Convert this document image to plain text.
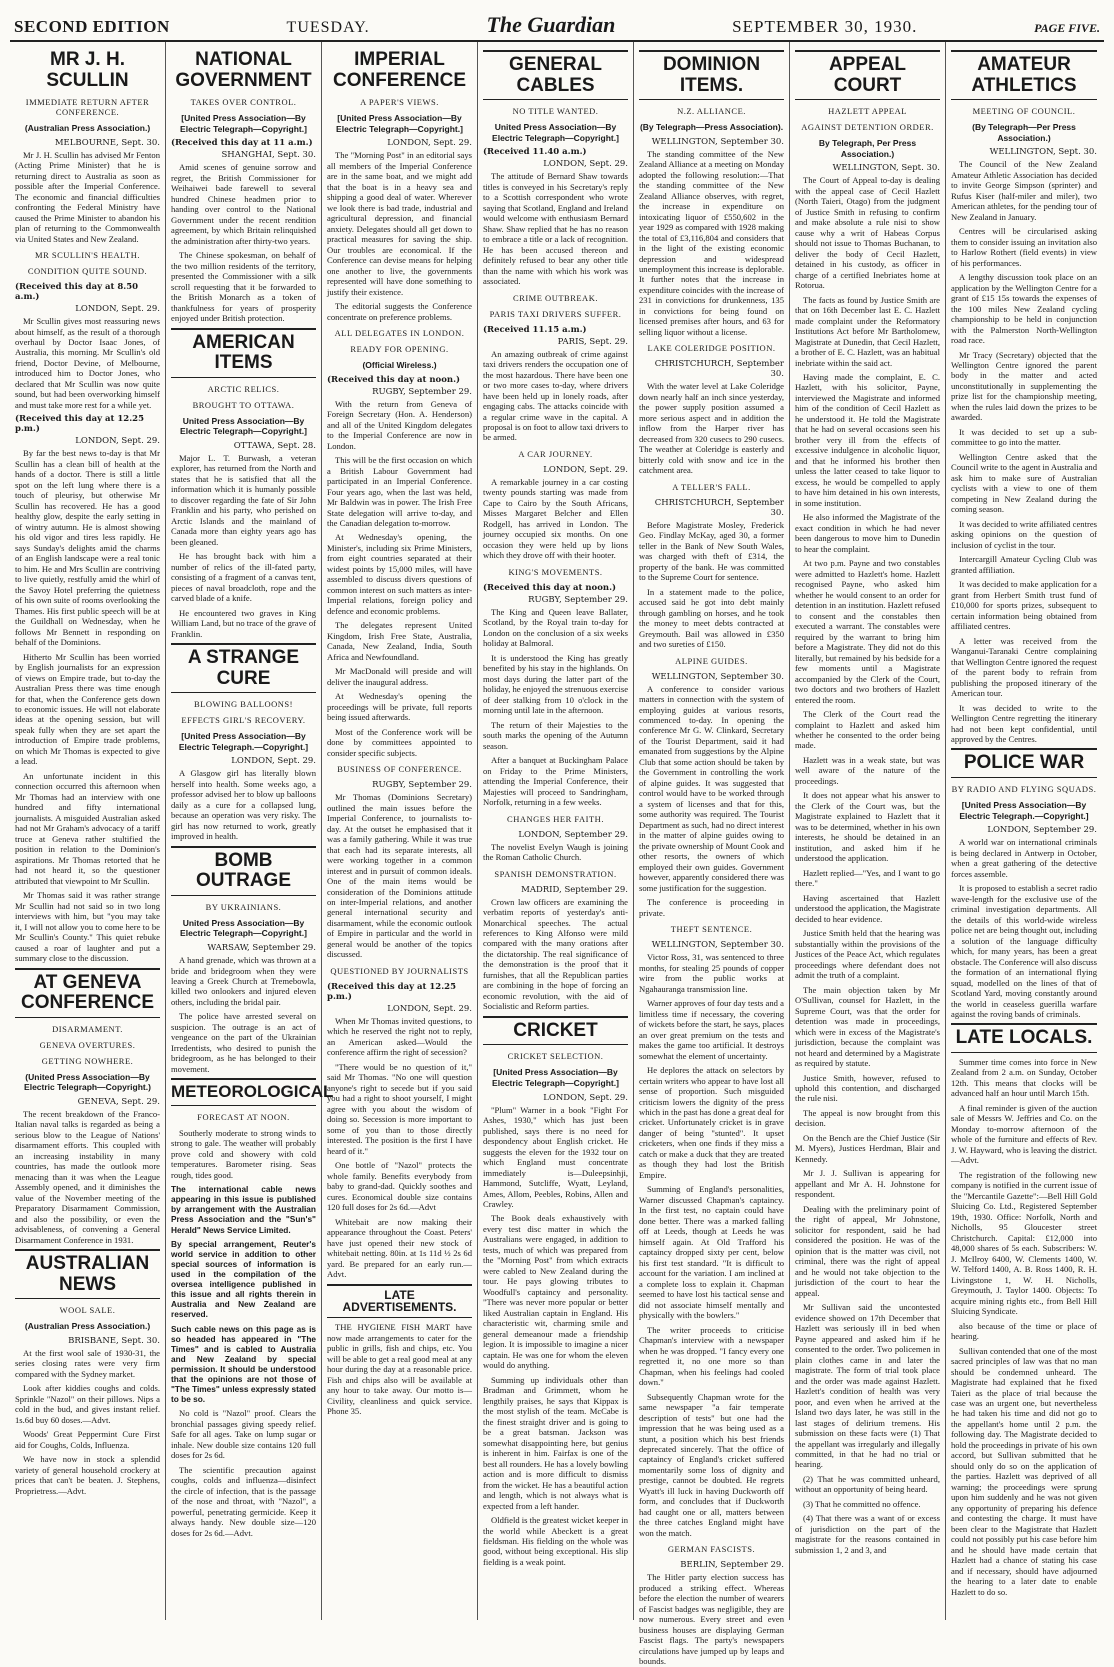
SECOND EDITION	TUESDAY.	The Guardian	SEPTEMBER 30, 1930.	PAGE FIVE.
MR J. H. SCULLIN
IMMEDIATE RETURN AFTER CONFERENCE.
(Australian Press Association.)
MELBOURNE, Sept. 30.

Mr J. H. Scullin has advised Mr Fenton (Acting Prime Minister) that he is returning direct to Australia as soon as possible after the Imperial Conference. The economic and financial difficulties confronting the Federal Ministry have caused the Prime Minister to abandon his plan of returning to the Commonwealth via United States and New Zealand.

MR SCULLIN'S HEALTH.
CONDITION QUITE SOUND.
(Received this day at 8.50 a.m.)
LONDON, Sept. 29.

Mr Scullin gives most reassuring news about himself, as the result of a thorough overhaul by Doctor Isaac Jones, of Australia, this morning. Mr Scullin's old friend, Doctor Devine, of Melbourne, introduced him to Doctor Jones, who declared that Mr Scullin was now quite sound, but had been overworking himself and must take more rest for a while yet.

(Received this day at 12.25 p.m.)
LONDON, Sept. 29.

By far the best news to-day is that Mr Scullin has a clean bill of health at the hands of a doctor. There is still a little spot on the left lung where there is a touch of pleurisy, but otherwise Mr Scullin has recovered. He has a good healthy glow, despite the early setting in of wintry autumn. He is almost showing his old vigor and tires less rapidly. He says Sunday's delights amid the charms of an English landscape were a real tonic to him. He and Mrs Scullin are contriving to live quietly, restfully amid the whirl of the Savoy Hotel preferring the quietness of his own suite of rooms overlooking the Thames. His first public speech will be at the Guildhall on Wednesday, when he follows Mr Bennett in responding on behalf of the Dominions.

Hitherto Mr Scullin has been worried by English journalists for an expression of views on Empire trade, but to-day the Australian Press there was time enough for that, when the Conference gets down to economic issues. He will not elaborate ideas at the opening session, but will speak fully when they are set apart the introduction of Empire trade problems, on which Mr Thomas is expected to give a lead.

An unfortunate incident in this connection occurred this afternoon when Mr Thomas had an interview with one hundred and fifty international journalists. A misguided Australian asked had not Mr Graham's advocacy of a tariff truce at Geneva rather stultified the position in relation to the Dominion's aspirations. Mr Thomas retorted that he had not heard it, so the questioner attributed that viewpoint to Mr Scullin.

Mr Thomas said it was rather strange Mr Scullin had not said so in two long interviews with him, but "you may take it, I will not allow you to come here to be Mr Scullin's County." This quiet rebuke caused a roar of laughter and put a summary close to the discussion.

AT GENEVA CONFERENCE
DISARMAMENT.
GENEVA OVERTURES.
GETTING NOWHERE.
(United Press Association—By Electric Telegraph—Copyright.)
GENEVA, Sept. 29.

The recent breakdown of the Franco-Italian naval talks is regarded as being a serious blow to the League of Nations' disarmament efforts. This coupled with an increasing instability in many countries, has made the outlook more menacing than it was when the League Assembly opened, and it diminishes the value of the November meeting of the Preparatory Disarmament Commission, and also the possibility, or even the advisableness, of convening a General Disarmament Conference in 1931.

AUSTRALIAN NEWS
WOOL SALE.
(Australian Press Association.)
BRISBANE, Sept. 30.

At the first wool sale of 1930-31, the series closing rates were very firm compared with the Sydney market.

Look after kiddies coughs and colds. Sprinkle "Nazol" on their pillows. Nips a cold in the bud, and gives instant relief. 1s.6d buy 60 doses.—Advt.

Woods' Great Peppermint Cure First aid for Coughs, Colds, Influenza.

We have now in stock a splendid variety of general household crockery at prices that can't be beaten. J. Stephens, Proprietress.—Advt.

NATIONAL GOVERNMENT
TAKES OVER CONTROL.
[United Press Association—By Electric Telegraph—Copyright.]
(Received this day at 11 a.m.)
SHANGHAI, Sept. 30.

Amid scenes of genuine sorrow and regret, the British Commissioner for Weihaiwei bade farewell to several hundred Chinese headmen prior to handing over control to the National Government under the recent rendition agreement, by which Britain relinquished the administration after thirty-two years.

The Chinese spokesman, on behalf of the two million residents of the territory, presented the Commissioner with a silk scroll requesting that it be forwarded to the British Monarch as a token of thankfulness for years of prosperity enjoyed under British protection.

AMERICAN ITEMS
ARCTIC RELICS.
BROUGHT TO OTTAWA.
United Press Association—By Electric Telegraph—Copyright.]
OTTAWA, Sept. 28.

Major L. T. Burwash, a veteran explorer, has returned from the North and states that he is satisfied that all the information which it is humanly possible to discover regarding the fate of Sir John Franklin and his party, who perished on Arctic Islands and the mainland of Canada more than eighty years ago has been gleaned.

He has brought back with him a number of relics of the ill-fated party, consisting of a fragment of a canvas tent, pieces of naval broadcloth, rope and the carved blade of a knife.

He encountered two graves in King William Land, but no trace of the grave of Franklin.

A STRANGE CURE
BLOWING BALLOONS!
EFFECTS GIRL'S RECOVERY.
[United Press Association—By Electric Telegraph.—Copyright.]
LONDON, Sept. 29.

A Glasgow girl has literally blown herself into health. Some weeks ago, a professor advised her to blow up balloons daily as a cure for a collapsed lung, because an operation was very risky. The girl has now returned to work, greatly improved in health.

BOMB OUTRAGE
BY UKRAINIANS.
United Press Association—By Electric Telegraph—Copyright.]
WARSAW, September 29.

A hand grenade, which was thrown at a bride and bridegroom when they were leaving a Greek Church at Tremebowla, killed two onlookers and injured eleven others, including the bridal pair.

The police have arrested several on suspicion. The outrage is an act of vengeance on the part of the Ukrainian Irredentists, who desired to punish the bridegroom, as he has belonged to their movement.

METEOROLOGICAL
FORECAST AT NOON.

Southerly moderate to strong winds to strong to gale. The weather will probably prove cold and showery with cold temperatures. Barometer rising. Seas rough, tides good.

The international cable news appearing in this issue is published by arrangement with the Australian Press Association and the "Sun's" Herald" News Service Limited.
By special arrangement, Reuter's world service in addition to other special sources of information is used in the compilation of the oversea intelligence published in this issue and all rights therein in Australia and New Zealand are reserved.
Such cable news on this page as is so headed has appeared in "The Times" and is cabled to Australia and New Zealand by special permission. It should be understood that the opinions are not those of "The Times" unless expressly stated to be so.

No cold is "Nazol" proof. Clears the bronchial passages giving speedy relief. Safe for all ages. Take on lump sugar or inhale. New double size contains 120 full doses for 2s 6d.

The scientific precaution against coughs, colds and influenza—disinfect the circle of infection, that is the passage of the nose and throat, with "Nazol", a powerful, penetrating germicide. Keep it always handy. New double size—120 doses for 2s 6d.—Advt.

IMPERIAL CONFERENCE
A PAPER'S VIEWS.
[United Press Association—By Electric Telegraph—Copyright.]
LONDON, Sept. 29.

The "Morning Post" in an editorial says all members of the Imperial Conference are in the same boat, and we might add that the boat is in a heavy sea and shipping a good deal of water. Wherever we look there is bad trade, industrial and agricultural depression, and financial anxiety. Delegates should all get down to practical measures for saving the ship. Our troubles are economical. If the Conference can devise means for helping one another to live, the governments represented will have done something to justify their existence.

The editorial suggests the Conference concentrate on preference problems.

ALL DELEGATES IN LONDON.
READY FOR OPENING.
(Official Wireless.)
(Received this day at noon.)
RUGBY, September 29.

With the return from Geneva of Foreign Secretary (Hon. A. Henderson) and all of the United Kingdom delegates to the Imperial Conference are now in London.

This will be the first occasion on which a British Labour Government had participated in an Imperial Conference. Four years ago, when the last was held, Mr Baldwin was in power. The Irish Free State delegation will arrive to-day, and the Canadian delegation to-morrow.

At Wednesday's opening, the Minister's, including six Prime Ministers, from eight countries separated at their widest points by 15,000 miles, will have assembled to discuss divers questions of common interest on such matters as inter-Imperial relations, foreign policy and defence and economic problems.

The delegates represent United Kingdom, Irish Free State, Australia, Canada, New Zealand, India, South Africa and Newfoundland.

Mr MacDonald will preside and will deliver the inaugural address.

At Wednesday's opening the proceedings will be private, full reports being issued afterwards.

Most of the Conference work will be done by committees appointed to consider specific subjects.

BUSINESS OF CONFERENCE.
RUGBY, September 29.

Mr Thomas (Dominions Secretary) outlined the main issues before the Imperial Conference, to journalists to-day. At the outset he emphasised that it was a family gathering. While it was true that each had its separate interests, all were working together in a common interest and in pursuit of common ideals. One of the main items would be consideration of the Dominions attitude on inter-Imperial relations, and another general international security and disarmament, while the economic outlook of Empire in particular and the world in general would be another of the topics discussed.

QUESTIONED BY JOURNALISTS
(Received this day at 12.25 p.m.)
LONDON, Sept. 29.

When Mr Thomas invited questions, to which he reserved the right not to reply, an American asked—Would the conference affirm the right of secession?

"There would be no question of it," said Mr Thomas. "No one will question anyone's right to secede but if you said you had a right to shoot yourself, I might agree with you about the wisdom of doing so. Secession is more important to some of you than to those directly interested. The position is the first I have heard of it."

One bottle of "Nazol" protects the whole family. Benefits everybody from baby to grand-dad. Quickly soothes and cures. Economical double size contains 120 full doses for 2s 6d.—Advt

Whitebait are now making their appearance throughout the Coast. Peters' have just opened their new stock of whitebait netting. 80in. at 1s 11d ½ 2s 6d yard. Be prepared for an early run.—Advt.

LATE ADVERTISEMENTS.

THE HYGIENE FISH MART have now made arrangements to cater for the public in grills, fish and chips, etc. You will be able to get a real good meal at any hour during the day at a reasonable price. Fish and chips also will be available at any hour to take away. Our motto is—Civility, cleanliness and quick service. Phone 35.

GENERAL CABLES
NO TITLE WANTED.
United Press Association—By Electric Telegraph—Copyright.]
(Received 11.40 a.m.)
LONDON, Sept. 29.

The attitude of Bernard Shaw towards titles is conveyed in his Secretary's reply to a Scottish correspondent who wrote saying that Scotland, England and Ireland would welcome with enthusiasm Bernard Shaw. Shaw replied that he has no reason to embrace a title or a lack of recognition. He has been accused thereon and definitely refused to bear any other title than the name with which his work was associated.

CRIME OUTBREAK.
PARIS TAXI DRIVERS SUFFER.
(Received 11.15 a.m.)
PARIS, Sept. 29.

An amazing outbreak of crime against taxi drivers renders the occupation one of the most hazardous. There have been one or two more cases to-day, where drivers have been held up in lonely roads, after engaging cabs. The attacks coincide with a regular crime wave in the capital. A proposal is on foot to allow taxi drivers to be armed.

A CAR JOURNEY.
LONDON, Sept. 29.

A remarkable journey in a car costing twenty pounds starting was made from Cape to Cairo by the South Africans, Misses Margaret Belcher and Ellen Rodgell, has arrived in London. The journey occupied six months. On one occasion they were held up by lions which they drove off with their hooter.

KING'S MOVEMENTS.
(Received this day at noon.)
RUGBY, September 29.

The King and Queen leave Ballater, Scotland, by the Royal train to-day for London on the conclusion of a six weeks holiday at Balmoral.

It is understood the King has greatly benefited by his stay in the highlands. On most days during the latter part of the holiday, he enjoyed the strenuous exercise of deer stalking from 10 o'clock in the morning until late in the afternoon.

The return of their Majesties to the south marks the opening of the Autumn season.

After a banquet at Buckingham Palace on Friday to the Prime Ministers, attending the Imperial Conference, their Majesties will proceed to Sandringham, Norfolk, returning in a few weeks.

CHANGES HER FAITH.
LONDON, September 29.

The novelist Evelyn Waugh is joining the Roman Catholic Church.

SPANISH DEMONSTRATION.
MADRID, September 29.

Crown law officers are examining the verbatim reports of yesterday's anti-Monarchical speeches. The actual references to King Alfonso were mild compared with the many orations after the dictatorship. The real significance of the demonstration is the proof that it furnishes, that all the Republican parties are combining in the hope of forcing an economic revolution, with the aid of Socialistic and Reform parties.

CRICKET
CRICKET SELECTION.
[United Press Association—By Electric Telegraph—Copyright.]
LONDON, Sept. 29.

"Plum" Warner in a book "Fight For Ashes, 1930," which has just been published, says there is no need for despondency about English cricket. He suggests the eleven for the 1932 tour on which England must concentrate immediately is—Duleepsinhji, Hammond, Sutcliffe, Wyatt, Leyland, Ames, Allom, Peebles, Robins, Allen and Crawley.

The Book deals exhaustively with every test disc matter in which the Australians were engaged, in addition to tests, much of which was prepared from the "Morning Post" from which extracts were cabled to New Zealand during the tour. He pays glowing tributes to Woodfull's captaincy and personality. "There was never more popular or better liked Australian captain in England. His characteristic wit, charming smile and general demeanour made a friendship legion. It is impossible to imagine a nicer captain. He was one for whom the eleven would do anything.

Summing up individuals other than Bradman and Grimmett, whom he lengthily praises, he says that Kippax is the most stylish of the team. McCabe is the finest straight driver and is going to be a great batsman. Jackson was somewhat disappointing here, but genius is inherent in him. Fairfax is one of the best all rounders. He has a lovely bowling action and is more difficult to dismiss from the wicket. He has a beautiful action and length, which is not always what is expected from a left hander.

Oldfield is the greatest wicket keeper in the world while Abeckett is a great fieldsman. His fielding on the whole was good, without being exceptional. His slip fielding is a weak point.

DOMINION ITEMS.
N.Z. ALLIANCE.
(By Telegraph—Press Association).
WELLINGTON, September 30.

The standing committee of the New Zealand Alliance at a meeting on Monday adopted the following resolution:—That the standing committee of the New Zealand Alliance observes, with regret, the increase in expenditure on intoxicating liquor of £550,602 in the year 1929 as compared with 1928 making the total of £3,116,804 and considers that in the light of the existing economic depression and widespread unemployment this increase is deplorable. It further notes that the increase in expenditure coincides with the increase of 231 in convictions for drunkenness, 135 in convictions for being found on licensed premises after hours, and 63 for selling liquor without a license.

LAKE COLERIDGE POSITION.
CHRISTCHURCH, September 30.

With the water level at Lake Coleridge down nearly half an inch since yesterday, the power supply position assumed a more serious aspect and in addition the inflow from the Harper river has decreased from 320 cusecs to 290 cusecs. The weather at Coleridge is easterly and bitterly cold with snow and ice in the catchment area.

A TELLER'S FALL.
CHRISTCHURCH, September 30.

Before Magistrate Mosley, Frederick Geo. Findlay McKay, aged 30, a former teller in the Bank of New South Wales, was charged with theft of £314, the property of the bank. He was committed to the Supreme Court for sentence.

In a statement made to the police, accused said he got into debt mainly through gambling on horses, and he took the money to meet debts contracted at Greymouth. Bail was allowed in £350 and two sureties of £150.

ALPINE GUIDES.
WELLINGTON, September 30.

A conference to consider various matters in connection with the system of employing guides at various resorts, commenced to-day. In opening the conference Mr G. W. Clinkard, Secretary of the Tourist Department, said it had emanated from suggestions by the Alpine Club that some action should be taken by the Government in controlling the work of alpine guides. It was suggested that control would have to be worked through a system of licenses and that for this, some authority was required. The Tourist Department as such, had no direct interest in the matter of alpine guides owing to the private ownership of Mount Cook and other resorts, the owners of which employed their own guides. Government however, apparently considered there was some justification for the suggestion.

The conference is proceeding in private.

THEFT SENTENCE.
WELLINGTON, September 30.

Victor Ross, 31, was sentenced to three months, for stealing 25 pounds of copper wire from the public works at Ngahauranga transmission line.

Warner approves of four day tests and a limitless time if necessary, the covering of wickets before the start, he says, places an over great premium on the tests and makes the game too artificial. It destroys somewhat the element of uncertainty.

He deplores the attack on selectors by certain writers who appear to have lost all sense of proportion. Such misguided criticism lowers the dignity of the press which in the past has done a great deal for cricket. Unfortunately cricket is in grave danger of being "stunted". It upset cricketers, when one finds if they miss a catch or make a duck that they are treated as though they had lost the British Empire.

Summing of England's personalities, Warner discussed Chapman's captaincy. In the first test, no captain could have done better. There was a marked falling off at Leeds, though at Leeds he was himself again. At Old Trafford his captaincy dropped sixty per cent, below his first test standard. "It is difficult to account for the variation. I am inclined at a complete loss to explain it. Chapman seemed to have lost his tactical sense and did not associate himself mentally and physically with the bowlers."

The writer proceeds to criticise Chapman's interview with a newspaper when he was dropped. "I fancy every one regretted it, no one more so than Chapman, when his feelings had cooled down."

Subsequently Chapman wrote for the same newspaper "a fair temperate description of tests" but one had the impression that he was being used as a stunt, a position which his best friends deprecated sincerely. That the office of captaincy of England's cricket suffered momentarily some loss of dignity and prestige, cannot be doubted. He regrets Wyatt's ill luck in having Duckworth off form, and concludes that if Duckworth had caught one or all, matters between the three catches England might have won the match.

GERMAN FASCISTS.
BERLIN, September 29.

The Hitler party election success has produced a striking effect. Whereas before the election the number of wearers of Fascist badges was negligible, they are now numerous. Every street and even business houses are displaying German Fascist flags. The party's newspapers circulations have jumped up by leaps and bounds.

APPEAL COURT
HAZLETT APPEAL
AGAINST DETENTION ORDER.
By Telegraph, Per Press Association.)
WELLINGTON, Sept. 30.

The Court of Appeal to-day is dealing with the appeal case of Cecil Hazlett (North Taieri, Otago) from the judgment of Justice Smith in refusing to confirm and make absolute a rule nisi to show cause why a writ of Habeas Corpus should not issue to Thomas Buchanan, to deliver the body of Cecil Hazlett, detained in his custody, as officer in charge of a certified Inebriates home at Rotorua.

The facts as found by Justice Smith are that on 16th December last E. C. Hazlett made complaint under the Reformatory Institutions Act before Mr Bartholomew, Magistrate at Dunedin, that Cecil Hazlett, a brother of E. C. Hazlett, was an habitual inebriate within the said act.

Having made the complaint, E. C. Hazlett, with his solicitor, Payne, interviewed the Magistrate and informed him of the condition of Cecil Hazlett as he understood it. He told the Magistrate that he had on several occasions seen his brother very ill from the effects of excessive indulgence in alcoholic liquor, and that he informed his brother then unless the latter ceased to take liquor to excess, he would be compelled to apply to have him detained in his own interests, in some institution.

He also informed the Magistrate of the exact condition in which he had never been dangerous to move him to Dunedin to hear the complaint.

At two p.m. Payne and two constables were admitted to Hazlett's home. Hazlett recognised Payne, who asked him whether he would consent to an order for detention in an institution. Hazlett refused to consent and the constables then executed a warrant. The constables were required by the warrant to bring him before a Magistrate. They did not do this literally, but remained by his bedside for a few moments until a Magistrate accompanied by the Clerk of the Court, two doctors and two brothers of Hazlett entered the room.

The Clerk of the Court read the complaint to Hazlett and asked him whether he consented to the order being made.

Hazlett was in a weak state, but was well aware of the nature of the proceedings.

It does not appear what his answer to the Clerk of the Court was, but the Magistrate explained to Hazlett that it was to be determined, whether in his own interests, he should be detained in an institution, and asked him if he understood the application.

Hazlett replied—"Yes, and I want to go there."

Having ascertained that Hazlett understood the application, the Magistrate decided to hear evidence.

Justice Smith held that the hearing was substantially within the provisions of the Justices of the Peace Act, which regulates proceedings where defendant does not admit the truth of a complaint.

The main objection taken by Mr O'Sullivan, counsel for Hazlett, in the Supreme Court, was that the order for detention was made in proceedings, which were in excess of the Magistrate's jurisdiction, because the complaint was not heard and determined by a Magistrate as required by statute.

Justice Smith, however, refused to uphold this contention, and discharged the rule nisi.

The appeal is now brought from this decision.

On the Bench are the Chief Justice (Sir M. Myers), Justices Herdman, Blair and Kennedy.

Mr J. J. Sullivan is appearing for appellant and Mr A. H. Johnstone for respondent.

Dealing with the preliminary point of the right of appeal, Mr Johnstone, solicitor for respondent, said he had considered the position. He was of the opinion that is the matter was civil, not criminal, there was the right of appeal and he would not take objection to the jurisdiction of the court to hear the appeal.

Mr Sullivan said the uncontested evidence showed on 17th December that Hazlett was seriously ill in bed when Payne appeared and asked him if he consented to the order. Two policemen in plain clothes came in and later the magistrate. The form of trial took place and the order was made against Hazlett. Hazlett's condition of health was very poor, and even when he arrived at the Island two days later, he was still in the last stages of delirium tremens. His submission on these facts were (1) That the appellant was irregularly and illegally committed, in that he had no trial or hearing.

(2) That he was committed unheard, without an opportunity of being heard.

(3) That he committed no offence.

(4) That there was a want of or excess of jurisdiction on the part of the magistrate for the reasons contained in submission 1, 2 and 3, and

AMATEUR ATHLETICS
MEETING OF COUNCIL.
(By Telegraph—Per Press Association.)
WELLINGTON, Sept. 30.

The Council of the New Zealand Amateur Athletic Association has decided to invite George Simpson (sprinter) and Rufus Kiser (half-miler and miler), two American athletes, for the pending tour of New Zealand in January.

Centres will be circularised asking them to consider issuing an invitation also to Harlow Rothert (field events) in view of his performances.

A lengthy discussion took place on an application by the Wellington Centre for a grant of £15 15s towards the expenses of the 100 miles New Zealand cycling championship to be held in conjunction with the Palmerston North-Wellington road race.

Mr Tracy (Secretary) objected that the Wellington Centre ignored the parent body in the matter and acted unconstitutionally in supplementing the prize list for the championship meeting, when the rules laid down the prizes to be awarded.

It was decided to set up a sub-committee to go into the matter.

Wellington Centre asked that the Council write to the agent in Australia and ask him to make sure of Australian cyclists with a view to one of them competing in New Zealand during the coming season.

It was decided to write affiliated centres asking opinions on the question of inclusion of cyclist in the tour.

Intercargill Amateur Cycling Club was granted affiliation.

It was decided to make application for a grant from Herbert Smith trust fund of £10,000 for sports prizes, subsequent to certain information being obtained from affiliated centres.

A letter was received from the Wanganui-Taranaki Centre complaining that Wellington Centre ignored the request of the parent body to refrain from publishing the proposed itinerary of the American tour.

It was decided to write to the Wellington Centre regretting the itinerary had not been kept confidential, until approved by the Centres.

POLICE WAR
BY RADIO AND FLYING SQUADS.
[United Press Association—By Electric Telegraph.—Copyright.]
LONDON, September 29.

A world war on international criminals is being declared in Antwerp in October, when a great gathering of the detective forces assemble.

It is proposed to establish a secret radio wave-length for the exclusive use of the criminal investigation departments. All the details of this world-wide wireless police net are being thought out, including a solution of the language difficulty which, for many years, has been a great obstacle. The Conference will also discuss the formation of an international flying squad, modelled on the lines of that of Scotland Yard, moving constantly around the world in ceaseless guerilla warfare against the roving bands of criminals.

LATE LOCALS.

Summer time comes into force in New Zealand from 2 a.m. on Sunday, October 12th. This means that clocks will be advanced half an hour until March 15th.

A final reminder is given of the auction sale of Messrs W. Jeffries and Co. on the Monday to-morrow afternoon of the whole of the furniture and effects of Rev. J. W. Hayward, who is leaving the district.—Advt.

The registration of the following new company is notified in the current issue of the "Mercantile Gazette":—Bell Hill Gold Sluicing Co. Ltd., Registered September 19th, 1930. Office: Norfolk, North and Nicholls, 95 Gloucester street Christchurch. Capital: £12,000 into 48,000 shares of 5s each. Subscribers: W. J. McIlroy 6400, W. Clements 1400, W. W. Telford 1400, A. B. Ross 1400, R. H. Livingstone 1, W. H. Nicholls, Greymouth, J. Taylor 1400. Objects: To acquire mining rights etc., from Bell Hill Sluicing Syndicate.

also because of the time or place of hearing.

Sullivan contended that one of the most sacred principles of law was that no man should be condemned unheard. The Magistrate had explained that he fixed Taieri as the place of trial because the case was an urgent one, but nevertheless he had taken his time and did not go to the appellant's home until 2 p.m. the following day. The Magistrate decided to hold the proceedings in private of his own accord, but Sullivan submitted that he should only do so on the application of the parties. Hazlett was deprived of all warning; the proceedings were sprung upon him suddenly and he was not given any opportunity of preparing his defence and contesting the charge. It must have been clear to the Magistrate that Hazlett could not possibly put his case before him and he should have made certain that Hazlett had a chance of stating his case and if necessary, should have adjourned the hearing to a later date to enable Hazlett to do so.
